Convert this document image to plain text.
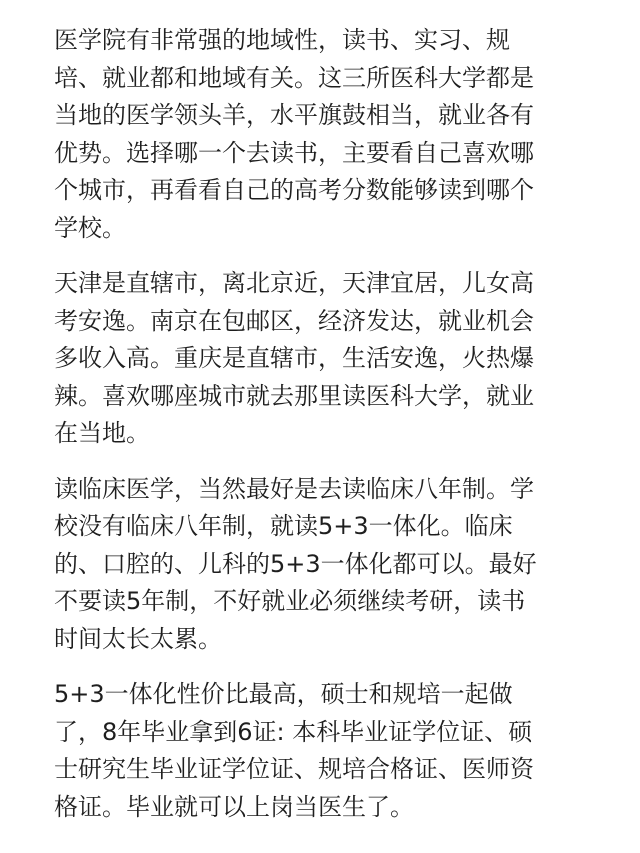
医学院有非常强的地域性，读书、实习、规
培、就业都和地域有关。这三所医科大学都是
当地的医学领头羊，水平旗鼓相当，就业各有
优势。选择哪一个去读书，主要看自己喜欢哪
个城市，再看看自己的高考分数能够读到哪个
学校。

天津是直辖市，离北京近，天津宜居，儿女高
考安逸。南京在包邮区，经济发达，就业机会
多收入高。重庆是直辖市，生活安逸，火热爆
辣。喜欢哪座城市就去那里读医科大学，就业
在当地。

读临床医学，当然最好是去读临床八年制。学
校没有临床八年制，就读5+3一体化。临床
的、口腔的、儿科的5+3一体化都可以。最好
不要读5年制，不好就业必须继续考研，读书
时间太长太累。

5+3一体化性价比最高，硕士和规培一起做
了，8年毕业拿到6证: 本科毕业证学位证、硕
士研究生毕业证学位证、规培合格证、医师资
格证。毕业就可以上岗当医生了。
